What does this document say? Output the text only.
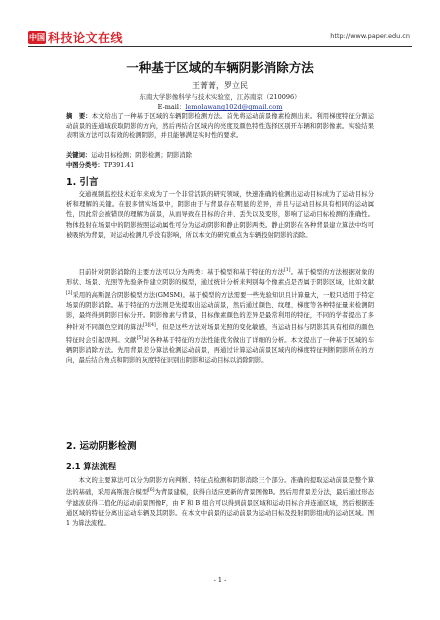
中国 科技论文在线	http://www.paper.edu.cn
一种基于区域的车辆阴影消除方法
王菁菁，罗立民
东南大学影像科学与技术实验室，江苏南京（210096）
E-mail：lemolawang102d@gmail.com
摘　要：本文给出了一种基于区域的车辆阴影检测方法。首先将运动前景像素检测出来。利用梯度特征分割运动前景的连通域获取阴影的方向，然后再结合区域内的亮度及颜色特性选择区别开车辆和阴影像素。实验结果表明该方法可以有效的检测阴影，并且能够满足实时性的要求。
关键词：运动目标检测；阴影检测；阴影消除
中图分类号：TP391.41
1. 引言

交通视频监控技术近年来成为了一个非常活跃的研究领域，快速准确的检测出运动目标成为了运动目标分析和理解的关键。在很多情实场景中，阴影由于与背景存在明显的差异，并且与运动目标具有相同的运动属性，因此常会被错误的理解为前景，从而导致在目标的合并、丢失以及变形，影响了运动目标检测的准确性。物体投射在场景中的阴影按照运动属性可分为运动阴影和静止阴影两类。静止阴影在各种背景建立算法中均可被吸纳为背景，对运动检测几乎没有影响，所以本文的研究重点为车辆投射阴影的消除。

目前针对阴影消除的主要方法可以分为两类：基于模型和基于特征的方法[1]。基于模型的方法根据对象的形状、场景、光照等先验条件建立阴影的模型，通过统计分析来判别每个像素点是否属于阴影区域，比如文献[2]采用的高斯混合阴影模型方法(GMSM)。基于模型的方法需要一些先验知识且计算量大，一般只适用于特定场景的阴影消除。基于特征的方法则是先提取出运动前景，然后通过颜色、纹理、梯度等各种特征量来检测阴影，最终得到阴影目标分开。阴影像素与背景，目标像素颜色的差异是最常利用的特征，不同的学者提出了多种针对不同颜色空间的算法[3][4]。但是这些方法对场景光照的变化敏感，当运动目标与阴影其具有相似的颜色特征时会引起误判。文献[5]对各种基于特征的方法性能优劣做出了详细的分析。本文提出了一种基于区域的车辆阴影消除方法。先用背景差分算法检测运动前景，再通过计算运动前景区域内的梯度特征判断阴影所在的方向，最后结合角点和阴影的灰度特征识别出阴影和运动目标以消除阴影。

2. 运动阴影检测
2.1 算法流程

本文的主要算法可以分为阴影方向判断、特征点检测和阴影消除三个部分。准确的提取运动前景是整个算法的基础，采用高斯混合模型[6]为背景建模，获得自适应更新的背景图像B。然后用背景差分法，最后通过形态学滤波获得二值化的运动前景图像F，由 F 和 B 组合可以得到前景区域和运动目标合并连通区域，然后根据连通区域的特征分离出运动车辆及其阴影。在本文中前景的运动前景为运动目标及投射阴影组成的运动区域。图 1 为算法流程。

- 1 -
